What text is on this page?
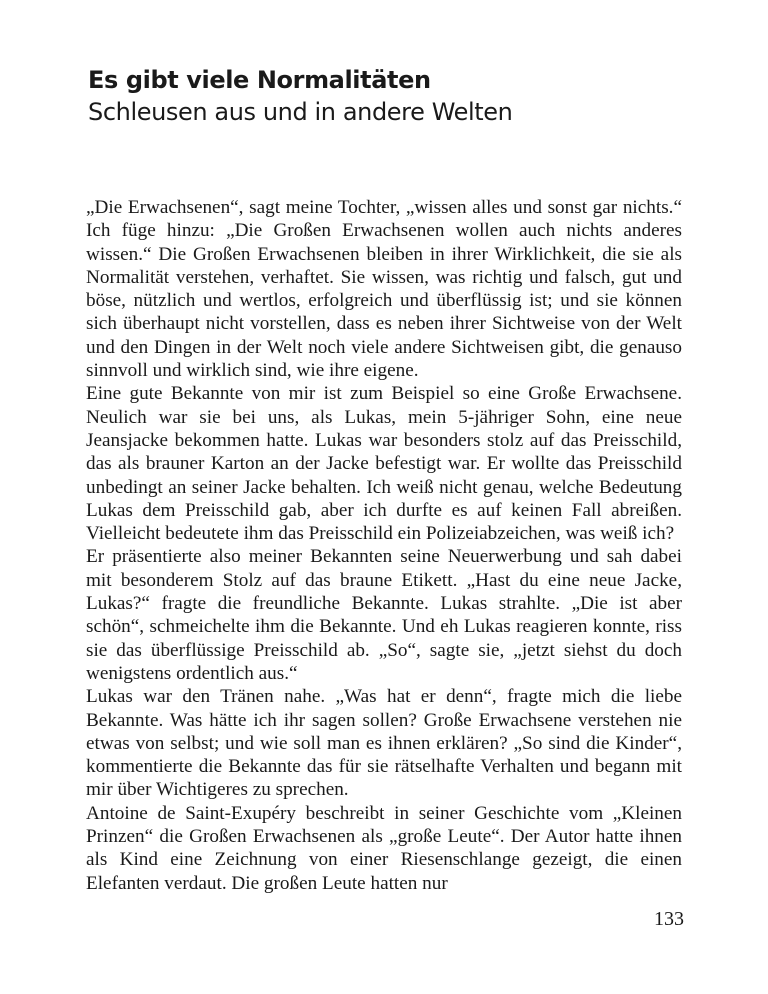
Es gibt viele Normalitäten
Schleusen aus und in andere Welten

„Die Erwachsenen“, sagt meine Tochter, „wissen alles und sonst gar nichts.“ Ich füge hinzu: „Die Großen Erwachsenen wollen auch nichts anderes wissen.“ Die Großen Erwachsenen bleiben in ihrer Wirklichkeit, die sie als Normalität verstehen, verhaftet. Sie wissen, was richtig und falsch, gut und böse, nützlich und wertlos, erfolgreich und überflüssig ist; und sie können sich überhaupt nicht vorstellen, dass es neben ihrer Sichtweise von der Welt und den Dingen in der Welt noch viele andere Sichtweisen gibt, die genauso sinnvoll und wirklich sind, wie ihre eigene.

Eine gute Bekannte von mir ist zum Beispiel so eine Große Erwachsene. Neulich war sie bei uns, als Lukas, mein 5-jähriger Sohn, eine neue Jeansjacke bekommen hatte. Lukas war besonders stolz auf das Preisschild, das als brauner Karton an der Jacke befestigt war. Er wollte das Preisschild unbedingt an seiner Jacke behalten. Ich weiß nicht genau, welche Bedeutung Lukas dem Preisschild gab, aber ich durfte es auf keinen Fall abreißen. Vielleicht bedeutete ihm das Preisschild ein Polizeiabzeichen, was weiß ich?

Er präsentierte also meiner Bekannten seine Neuerwerbung und sah dabei mit besonderem Stolz auf das braune Etikett. „Hast du eine neue Jacke, Lukas?“ fragte die freundliche Bekannte. Lukas strahlte. „Die ist aber schön“, schmeichelte ihm die Bekannte. Und eh Lukas reagieren konnte, riss sie das überflüssige Preisschild ab. „So“, sagte sie, „jetzt siehst du doch wenigstens ordentlich aus.“

Lukas war den Tränen nahe. „Was hat er denn“, fragte mich die liebe Bekannte. Was hätte ich ihr sagen sollen? Große Erwachsene verstehen nie etwas von selbst; und wie soll man es ihnen erklären? „So sind die Kinder“, kommentierte die Bekannte das für sie rätselhafte Verhalten und begann mit mir über Wichtigeres zu sprechen.

Antoine de Saint-Exupéry beschreibt in seiner Geschichte vom „Kleinen Prinzen“ die Großen Erwachsenen als „große Leute“. Der Autor hatte ihnen als Kind eine Zeichnung von einer Riesenschlange gezeigt, die einen Elefanten verdaut. Die großen Leute hatten nur

133
